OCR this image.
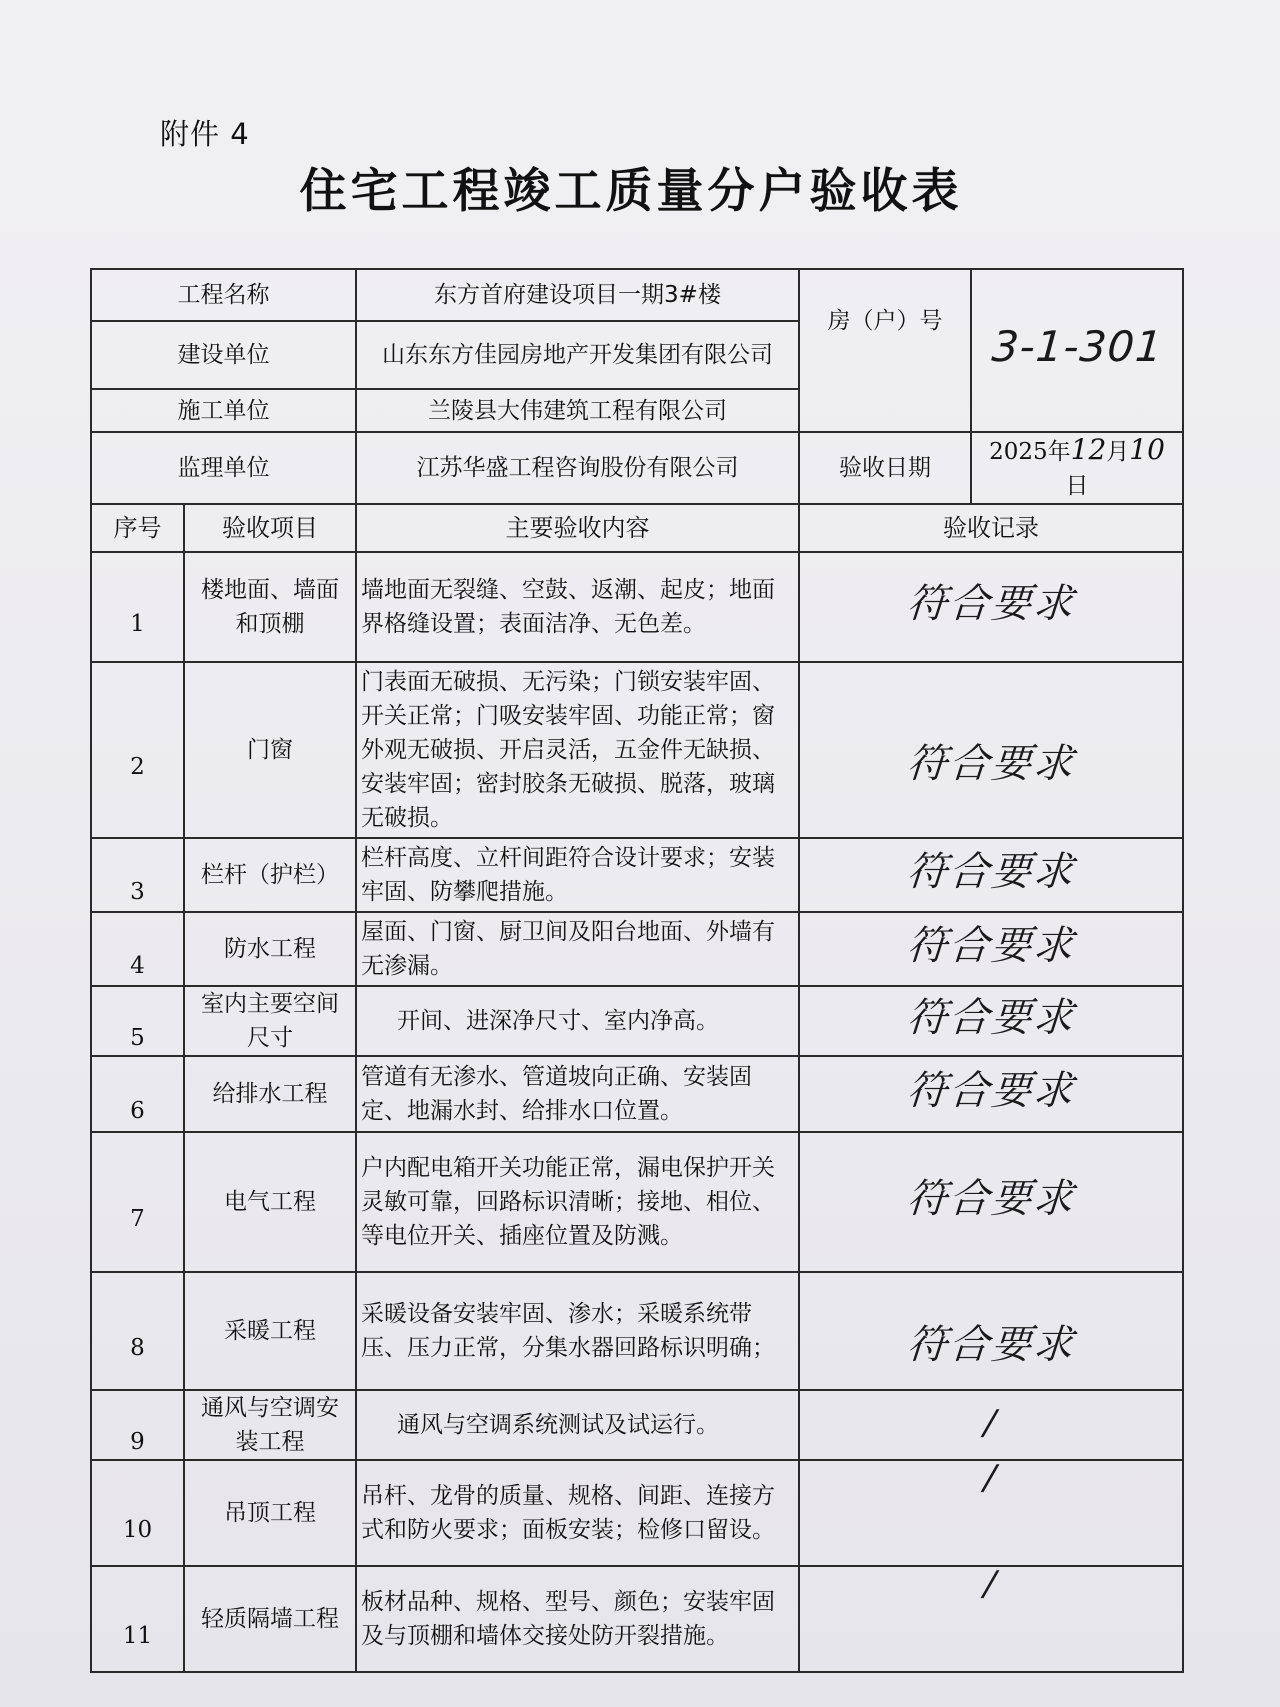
附件 4
住宅工程竣工质量分户验收表
工程名称		东方首府建设项目一期3#楼	房（户）号	3-1-301
建设单位		山东东方佳园房地产开发集团有限公司		
施工单位		兰陵县大伟建筑工程有限公司		
监理单位		江苏华盛工程咨询股份有限公司	验收日期	2025年12月10日
序号	验收项目	主要验收内容	验收记录	
1	楼地面、墙面和顶棚	墙地面无裂缝、空鼓、返潮、起皮；地面界格缝设置；表面洁净、无色差。	符合要求	
2	门窗	门表面无破损、无污染；门锁安装牢固、开关正常；门吸安装牢固、功能正常；窗外观无破损、开启灵活，五金件无缺损、 安装牢固；密封胶条无破损、脱落，玻璃无破损。	符合要求	
3	栏杆（护栏）	栏杆高度、立杆间距符合设计要求；安装牢固、防攀爬措施。	符合要求	
4	防水工程	屋面、门窗、厨卫间及阳台地面、外墙有无渗漏。	符合要求	
5	室内主要空间尺寸	开间、进深净尺寸、室内净高。	符合要求	
6	给排水工程	管道有无渗水、管道坡向正确、安装固定、地漏水封、给排水口位置。	符合要求	
7	电气工程	户内配电箱开关功能正常，漏电保护开关灵敏可靠，回路标识清晰；接地、相位、等电位开关、插座位置及防溅。	符合要求	
8	采暖工程	采暖设备安装牢固、渗水；采暖系统带压、压力正常，分集水器回路标识明确；	符合要求	
9	通风与空调安装工程	通风与空调系统测试及试运行。	/	
10	吊顶工程	吊杆、龙骨的质量、规格、间距、连接方式和防火要求；面板安装；检修口留设。	/	
11	轻质隔墙工程	板材品种、规格、型号、颜色；安装牢固及与顶棚和墙体交接处防开裂措施。	/	
